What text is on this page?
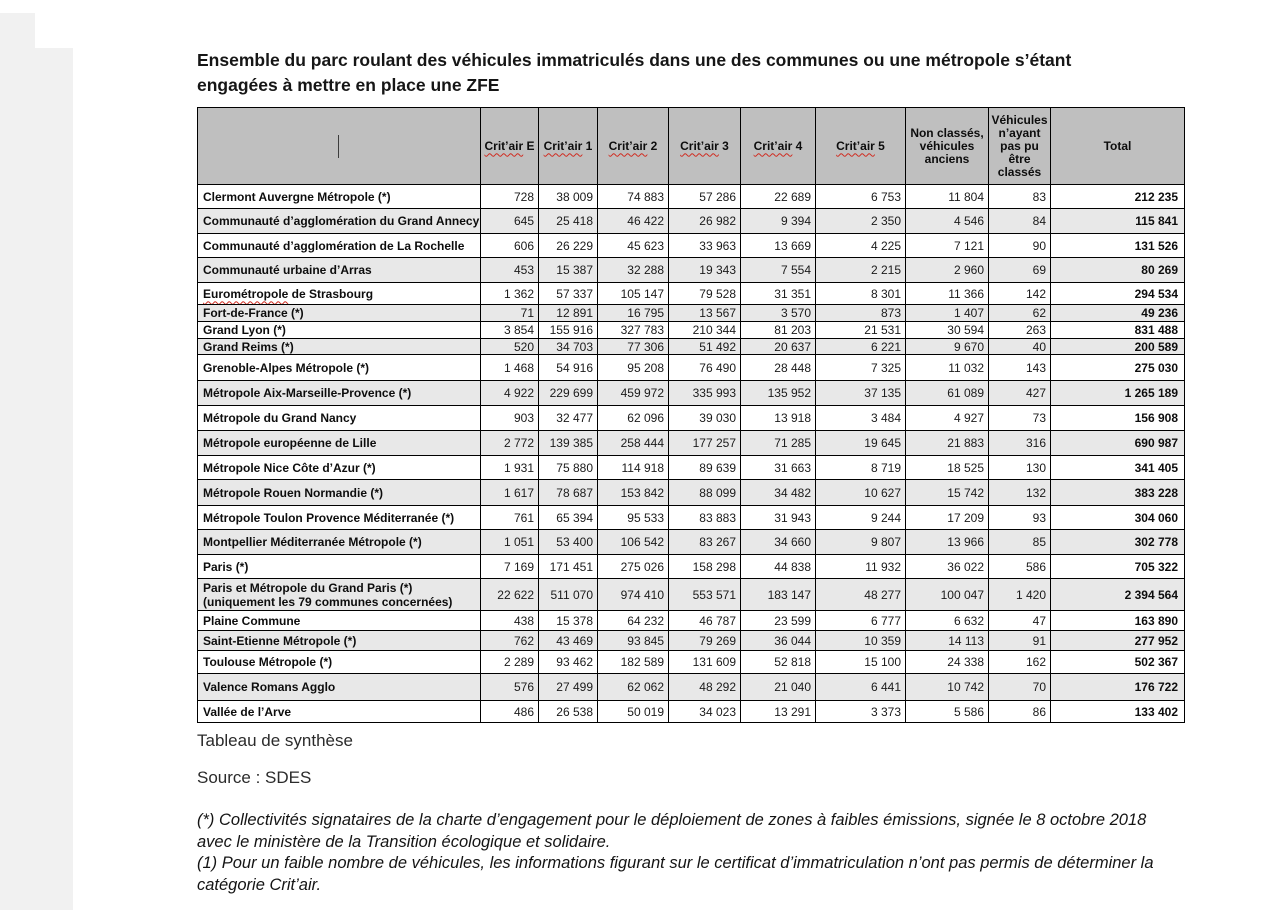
Ensemble du parc roulant des véhicules immatriculés dans une des communes ou une métropole s’étant engagées à mettre en place une ZFE
	Crit’air E	Crit’air 1	Crit’air 2	Crit’air 3	Crit’air 4	Crit’air 5	Non classés, véhicules anciens	Véhicules n’ayant pas pu être classés	Total
Clermont Auvergne Métropole (*)	728	38 009	74 883	57 286	22 689	6 753	11 804	83	212 235
Communauté d’agglomération du Grand Annecy	645	25 418	46 422	26 982	9 394	2 350	4 546	84	115 841
Communauté d’agglomération de La Rochelle	606	26 229	45 623	33 963	13 669	4 225	7 121	90	131 526
Communauté urbaine d’Arras	453	15 387	32 288	19 343	7 554	2 215	2 960	69	80 269
Eurométropole de Strasbourg	1 362	57 337	105 147	79 528	31 351	8 301	11 366	142	294 534
Fort-de-France (*)	71	12 891	16 795	13 567	3 570	873	1 407	62	49 236
Grand Lyon (*)	3 854	155 916	327 783	210 344	81 203	21 531	30 594	263	831 488
Grand Reims (*)	520	34 703	77 306	51 492	20 637	6 221	9 670	40	200 589
Grenoble-Alpes Métropole (*)	1 468	54 916	95 208	76 490	28 448	7 325	11 032	143	275 030
Métropole Aix-Marseille-Provence (*)	4 922	229 699	459 972	335 993	135 952	37 135	61 089	427	1 265 189
Métropole du Grand Nancy	903	32 477	62 096	39 030	13 918	3 484	4 927	73	156 908
Métropole européenne de Lille	2 772	139 385	258 444	177 257	71 285	19 645	21 883	316	690 987
Métropole Nice Côte d’Azur (*)	1 931	75 880	114 918	89 639	31 663	8 719	18 525	130	341 405
Métropole Rouen Normandie (*)	1 617	78 687	153 842	88 099	34 482	10 627	15 742	132	383 228
Métropole Toulon Provence Méditerranée (*)	761	65 394	95 533	83 883	31 943	9 244	17 209	93	304 060
Montpellier Méditerranée Métropole (*)	1 051	53 400	106 542	83 267	34 660	9 807	13 966	85	302 778
Paris (*)	7 169	171 451	275 026	158 298	44 838	11 932	36 022	586	705 322
Paris et Métropole du Grand Paris (*)
(uniquement les 79 communes concernées)	22 622	511 070	974 410	553 571	183 147	48 277	100 047	1 420	2 394 564
Plaine Commune	438	15 378	64 232	46 787	23 599	6 777	6 632	47	163 890
Saint-Etienne Métropole (*)	762	43 469	93 845	79 269	36 044	10 359	14 113	91	277 952
Toulouse Métropole (*)	2 289	93 462	182 589	131 609	52 818	15 100	24 338	162	502 367
Valence Romans Agglo	576	27 499	62 062	48 292	21 040	6 441	10 742	70	176 722
Vallée de l’Arve	486	26 538	50 019	34 023	13 291	3 373	5 586	86	133 402
Tableau de synthèse
Source : SDES
(*) Collectivités signataires de la charte d’engagement pour le déploiement de zones à faibles émissions, signée le 8 octobre 2018 avec le ministère de la Transition écologique et solidaire.
(1) Pour un faible nombre de véhicules, les informations figurant sur le certificat d’immatriculation n’ont pas permis de déterminer la catégorie Crit’air.
